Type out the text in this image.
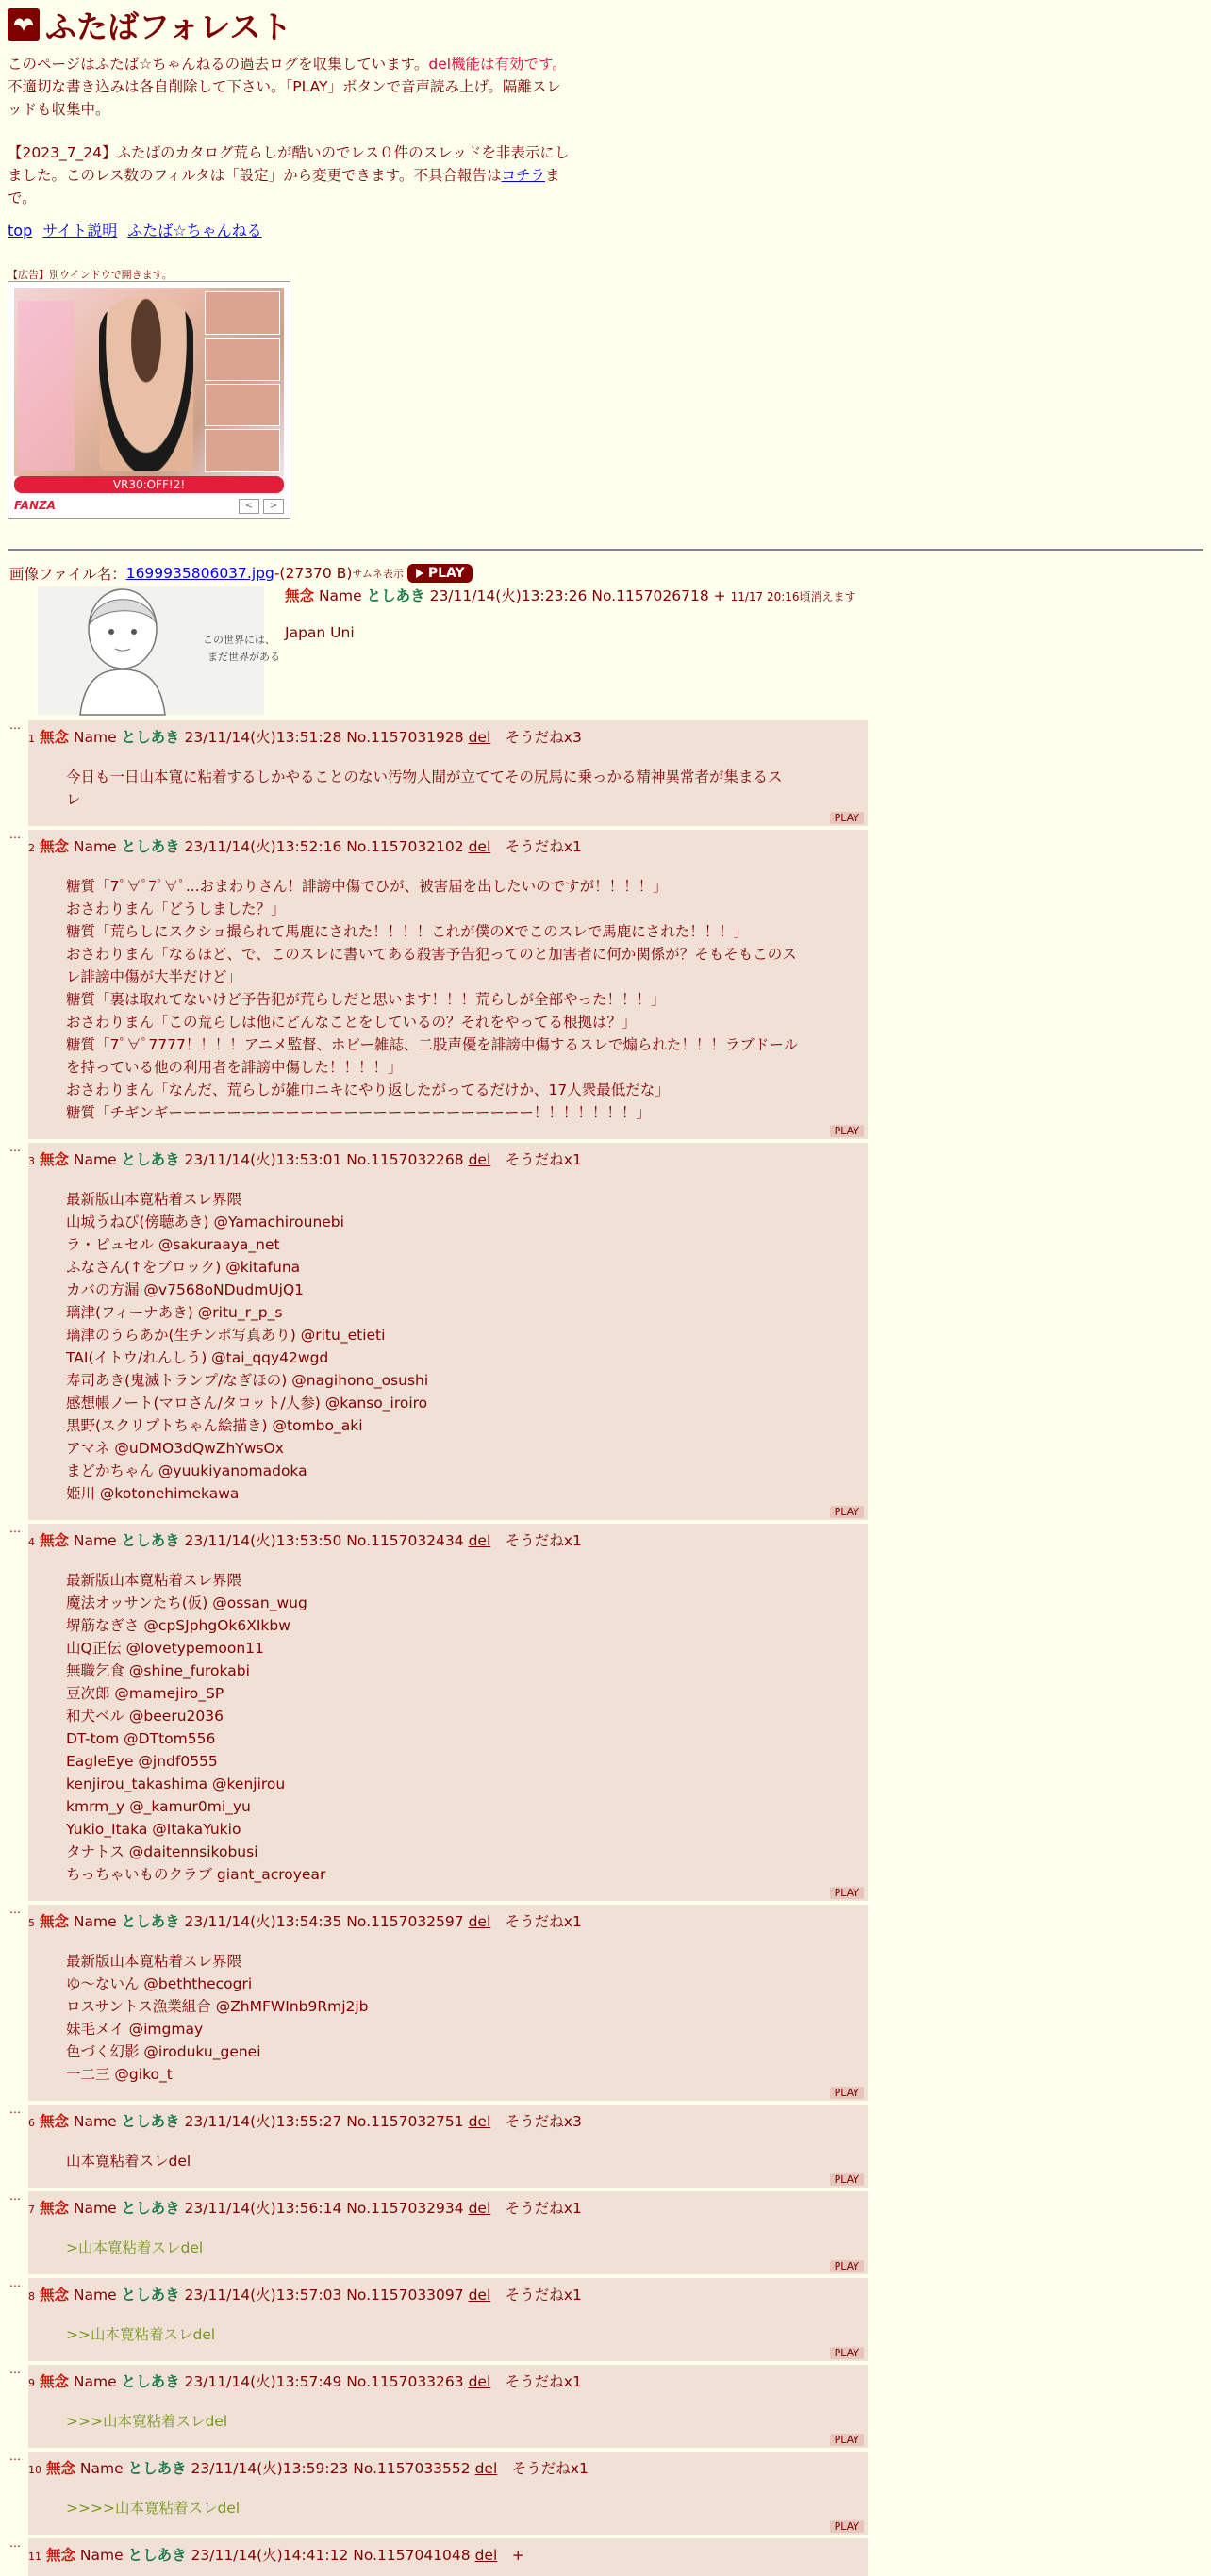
ふたばフォレスト

このページはふたば☆ちゃんねるの過去ログを収集しています。del機能は有効です。不適切な書き込みは各自削除して下さい。「PLAY」ボタンで音声読み上げ。隔離スレッドも収集中。

【2023_7_24】ふたばのカタログ荒らしが酷いのでレス０件のスレッドを非表示にしました。このレス数のフィルタは「設定」から変更できます。不具合報告はコチラまで。

top サイト説明 ふたば☆ちゃんねる
【広告】別ウインドウで開きます。
VR30:OFF!2!
FANZA	<	>
画像ファイル名： 1699935806037.jpg -(27370 B) サムネ表示 PLAY
この世界には、
まだ世界がある
無念 Name としあき 23/11/14(火)13:23:26 No.1157026718 + 11/17 20:16頃消えます
Japan Uni
1 無念 Name としあき 23/11/14(火)13:51:28 No.1157031928 del　 そうだねx3
今日も一日山本寛に粘着するしかやることのない汚物人間が立ててその尻馬に乗っかる精神異常者が集まるス
レ
PLAY
2 無念 Name としあき 23/11/14(火)13:52:16 No.1157032102 del　 そうだねx1
糖質「7ﾟ∀ﾟ7ﾟ∀ﾟ...おまわりさん！誹謗中傷でひが、被害届を出したいのですが！！！！」
おさわりまん「どうしました？」
糖質「荒らしにスクショ撮られて馬鹿にされた！！！！これが僕のXでこのスレで馬鹿にされた！！！」
おさわりまん「なるほど、で、このスレに書いてある殺害予告犯ってのと加害者に何か関係が？そもそもこのス
レ誹謗中傷が大半だけど」
糖質「裏は取れてないけど予告犯が荒らしだと思います！！！荒らしが全部やった！！！」
おさわりまん「この荒らしは他にどんなことをしているの？それをやってる根拠は？」
糖質「7ﾟ∀ﾟ7777！！！！アニメ監督、ホビー雑誌、二股声優を誹謗中傷するスレで煽られた！！！ラブドール
を持っている他の利用者を誹謗中傷した！！！！」
おさわりまん「なんだ、荒らしが雑巾ニキにやり返したがってるだけか、17人衆最低だな」
糖質「チギンギーーーーーーーーーーーーーーーーーーーーーーーーー！！！！！！！」
PLAY
3 無念 Name としあき 23/11/14(火)13:53:01 No.1157032268 del　 そうだねx1
最新版山本寛粘着スレ界隈
山城うねび(傍聴あき) @Yamachirounebi
ラ・ピュセル @sakuraaya_net
ふなさん(↑をブロック) @kitafuna
カバの方漏 @v7568oNDudmUjQ1
璃津(フィーナあき) @ritu_r_p_s
璃津のうらあか(生チンポ写真あり) @ritu_etieti
TAI(イトウ/れんしう) @tai_qqy42wgd
寿司あき(鬼滅トランプ/なぎほの) @nagihono_osushi
感想帳ノート(マロさん/タロット/人参) @kanso_iroiro
黒野(スクリプトちゃん絵描き) @tombo_aki
アマネ @uDMO3dQwZhYwsOx
まどかちゃん @yuukiyanomadoka
姫川 @kotonehimekawa
PLAY
4 無念 Name としあき 23/11/14(火)13:53:50 No.1157032434 del　 そうだねx1
最新版山本寛粘着スレ界隈
魔法オッサンたち(仮) @ossan_wug
堺筋なぎさ @cpSJphgOk6XIkbw
山Q正伝 @lovetypemoon11
無職乞食 @shine_furokabi
豆次郎 @mamejiro_SP
和犬ベル @beeru2036
DT-tom @DTtom556
EagleEye @jndf0555
kenjirou_takashima @kenjirou
kmrm_y @_kamur0mi_yu
Yukio_Itaka @ItakaYukio
タナトス @daitennsikobusi
ちっちゃいものクラブ giant_acroyear
PLAY
5 無念 Name としあき 23/11/14(火)13:54:35 No.1157032597 del　 そうだねx1
最新版山本寛粘着スレ界隈
ゆ〜ないん @beththecogri
ロスサントス漁業組合 @ZhMFWInb9Rmj2jb
妹毛メイ @imgmay
色づく幻影 @iroduku_genei
一二三 @giko_t
PLAY
6 無念 Name としあき 23/11/14(火)13:55:27 No.1157032751 del　 そうだねx3
山本寛粘着スレdel
PLAY
7 無念 Name としあき 23/11/14(火)13:56:14 No.1157032934 del　 そうだねx1
>山本寛粘着スレdel
PLAY
8 無念 Name としあき 23/11/14(火)13:57:03 No.1157033097 del　 そうだねx1
>>山本寛粘着スレdel
PLAY
9 無念 Name としあき 23/11/14(火)13:57:49 No.1157033263 del　 そうだねx1
>>>山本寛粘着スレdel
PLAY
10 無念 Name としあき 23/11/14(火)13:59:23 No.1157033552 del　 そうだねx1
>>>>山本寛粘着スレdel
PLAY
11 無念 Name としあき 23/11/14(火)14:41:12 No.1157041048 del　 +
…
…
…
…
…
…
…
…
…
…
…
